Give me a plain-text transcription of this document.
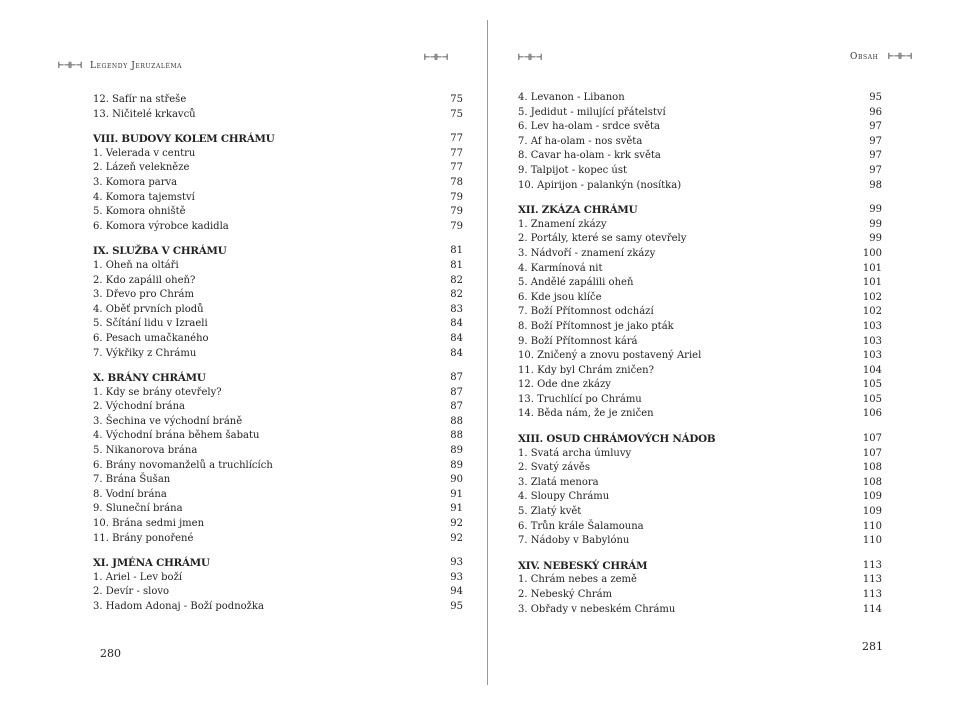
⊢⊣⊢⊣ Legendy Jeruzaléma
⊢⊣⊢⊣
12. Safír na střeše	75
13. Ničitelé krkavců	75
VIII. BUDOVY KOLEM CHRÁMU	77
1. Velerada v centru	77
2. Lázeň velekněze	77
3. Komora parva	78
4. Komora tajemství	79
5. Komora ohniště	79
6. Komora výrobce kadidla	79
IX. SLUŽBA V CHRÁMU	81
1. Oheň na oltáři	81
2. Kdo zapálil oheň?	82
3. Dřevo pro Chrám	82
4. Oběť prvních plodů	83
5. Sčítání lidu v Izraeli	84
6. Pesach umačkaného	84
7. Výkřiky z Chrámu	84
X. BRÁNY CHRÁMU	87
1. Kdy se brány otevřely?	87
2. Východní brána	87
3. Šechina ve východní bráně	88
4. Východní brána během šabatu	88
5. Nikanorova brána	89
6. Brány novomanželů a truchlících	89
7. Brána Šušan	90
8. Vodní brána	91
9. Sluneční brána	91
10. Brána sedmi jmen	92
11. Brány ponořené	92
XI. JMÉNA CHRÁMU	93
1. Ariel - Lev boží	93
2. Devír - slovo	94
3. Hadom Adonaj - Boží podnožka	95
280
⊢⊣⊢⊣	Obsah ⊢⊣⊢⊣
4. Levanon - Libanon	95
5. Jedidut - milující přátelství	96
6. Lev ha-olam - srdce světa	97
7. Af ha-olam - nos světa	97
8. Cavar ha-olam - krk světa	97
9. Talpijot - kopec úst	97
10. Apirijon - palankýn (nosítka)	98
XII. ZKÁZA CHRÁMU	99
1. Znamení zkázy	99
2. Portály, které se samy otevřely	99
3. Nádvoří - znamení zkázy	100
4. Karmínová nit	101
5. Andělé zapálili oheň	101
6. Kde jsou klíče	102
7. Boží Přítomnost odchází	102
8. Boží Přítomnost je jako pták	103
9. Boží Přítomnost kárá	103
10. Zničený a znovu postavený Ariel	103
11. Kdy byl Chrám zničen?	104
12. Ode dne zkázy	105
13. Truchlící po Chrámu	105
14. Běda nám, že je zničen	106
XIII. OSUD CHRÁMOVÝCH NÁDOB	107
1. Svatá archa úmluvy	107
2. Svatý závěs	108
3. Zlatá menora	108
4. Sloupy Chrámu	109
5. Zlatý květ	109
6. Trůn krále Šalamouna	110
7. Nádoby v Babylónu	110
XIV. NEBESKÝ CHRÁM	113
1. Chrám nebes a země	113
2. Nebeský Chrám	113
3. Obřady v nebeském Chrámu	114
281
